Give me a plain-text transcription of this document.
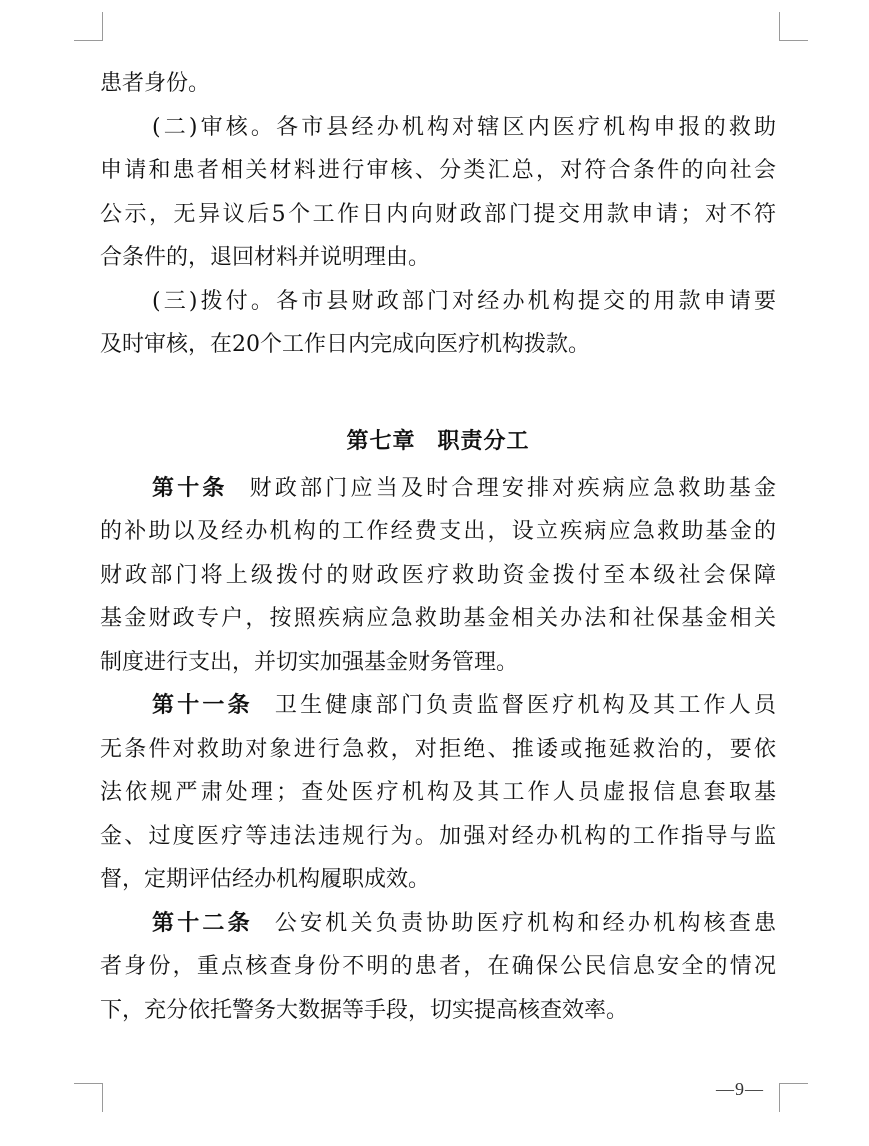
患者身份。
(二)审核。各市县经办机构对辖区内医疗机构申报的救助
申请和患者相关材料进行审核、分类汇总，对符合条件的向社会
公示，无异议后5个工作日内向财政部门提交用款申请；对不符
合条件的，退回材料并说明理由。
(三)拨付。各市县财政部门对经办机构提交的用款申请要
及时审核，在20个工作日内完成向医疗机构拨款。
第七章 职责分工
第十条 财政部门应当及时合理安排对疾病应急救助基金
的补助以及经办机构的工作经费支出，设立疾病应急救助基金的
财政部门将上级拨付的财政医疗救助资金拨付至本级社会保障
基金财政专户，按照疾病应急救助基金相关办法和社保基金相关
制度进行支出，并切实加强基金财务管理。
第十一条 卫生健康部门负责监督医疗机构及其工作人员
无条件对救助对象进行急救，对拒绝、推诿或拖延救治的，要依
法依规严肃处理；查处医疗机构及其工作人员虚报信息套取基
金、过度医疗等违法违规行为。加强对经办机构的工作指导与监
督，定期评估经办机构履职成效。
第十二条 公安机关负责协助医疗机构和经办机构核查患
者身份，重点核查身份不明的患者，在确保公民信息安全的情况
下，充分依托警务大数据等手段，切实提高核查效率。
—9—
